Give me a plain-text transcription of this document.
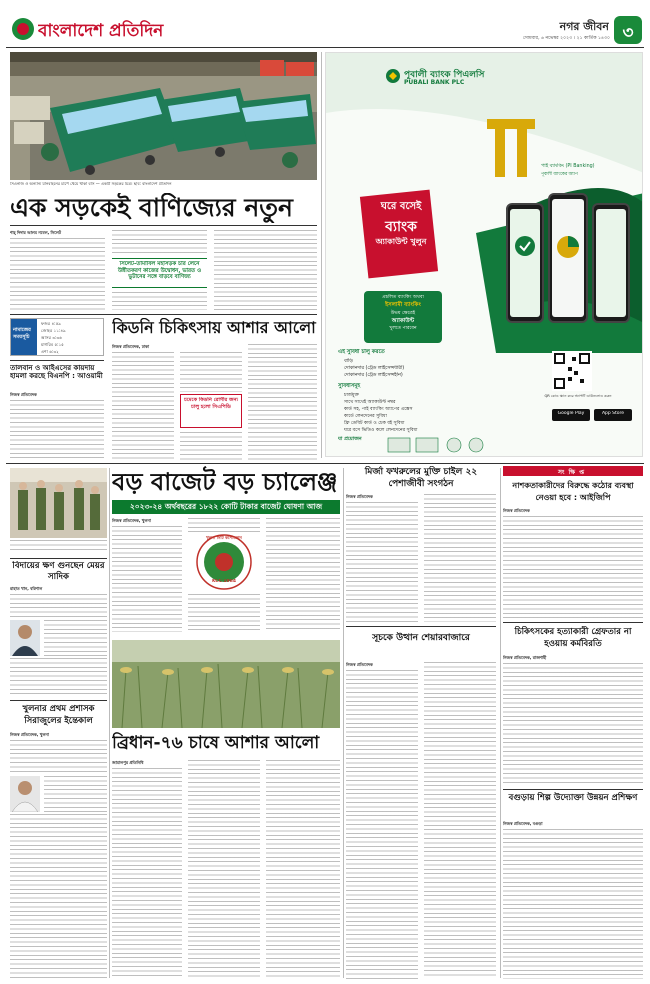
বাংলাদেশ প্রতিদিন	নগর জীবন
সোমবার, ৬ নভেম্বর ২০২৩ । ২১ কার্তিক ১৪৩০ ৩
সিএনজি ও অন্যান্য যানবাহনের চাপে থেমে থাকা বাস — একটি সড়কের চিত্র। ছবি: বাংলাদেশ প্রতিদিন
এক সড়কেই বাণিজ্যের নতুন
শাহ্ দিদার আলম নবেল, সিলেট
সিলেট-তামাবিল মহাসড়ক চার লেনে উন্নীতকরণ কাজের উদ্বোধন, ভারত ও ভুটানের সঙ্গে বাড়বে বাণিজ্য
নামাজের সময়সূচি
ফজর ৪:৫৯
জোহর ১১:৪৯
আসর ৩:৩৬
মাগরিব ৫:১৫
এশা ৬:৩২
তালবান ও আইএসের কায়দায় হামলা করছে বিএনপি : আওয়ামী
নিজস্ব প্রতিবেদক
কিডনি চিকিৎসায় আশার আলো
নিজস্ব প্রতিবেদক, ঢাকা
চমেকে কিডনি রোগীর জন্য চালু হলো সিএপিডি
পূবালী ব্যাংক পিএলসি
PUBALI BANK PLC
পাই ব্যাংকিং (PI Banking)
পূবালী ব্যাংকের অ্যাপ
ঘরে বসেই
ব্যাংক
অ্যাকাউন্ট খুলুন
প্রচলিত ব্যাংকিং অথবা
ইসলামী ব্যাংকিং
উভয় ক্ষেত্রেই
অ্যাকাউন্ট
খুলতে পারবেন
এই সুবিধা চালু করতে
বাড়ি
দোকানদার (ট্রেড লাইসেন্সধারী)
দোকানদার (ট্রেড লাইসেন্সহীন)
সুবিধাসমূহ
চার্জমুক্ত
সাথে সাথেই অ্যাকাউন্ট নম্বর
কার্ড সহ, পাই ব্যাংকিং অ্যাপের এক্সেস
কার্ডে লেনদেনের সুবিধা
ফ্রি ডেবিট কার্ড ও চেক বই সুবিধা
ঘরে বসে ভিডিও কলে লেনদেনের সুবিধা
যা প্রয়োজন
QR কোড স্ক্যান করে অ্যাপটি ডাউনলোড করুন
Google Play	App Store
বড় বাজেট বড় চ্যালেঞ্জ
২০২৩-২৪ অর্থবছরের ১৮২২ কোটি টাকার বাজেট ঘোষণা আজ
নিজস্ব প্রতিবেদক, খুলনা
খুলনা সিটি কর্পোরেশন
KCC 1984
মির্জা ফখরুলের মুক্তি চাইল ২২ পেশাজীবী সংগঠন
নিজস্ব প্রতিবেদক
সংক্ষিপ্ত
নাশকতাকারীদের বিরুদ্ধে কঠোর ব্যবস্থা নেওয়া হবে : আইজিপি
নিজস্ব প্রতিবেদক
চিকিৎসকের হত্যাকারী গ্রেফতার না হওয়ায় কর্মবিরতি
নিজস্ব প্রতিবেদক, রাজশাহী
বগুড়ায় শিল্প উদ্যোক্তা উন্নয়ন প্রশিক্ষণ
নিজস্ব প্রতিবেদক, বগুড়া
বিদায়ের ক্ষণ গুনছেন মেয়র সাদিক
রাহাত খান, বরিশাল
খুলনার প্রথম প্রশাসক সিরাজুলের ইন্তেকাল
নিজস্ব প্রতিবেদক, খুলনা	ব্রিধান-৭৬ চাষে আশার আলো
জামালপুর প্রতিনিধি
সূচকে উত্থান শেয়ারবাজারে
নিজস্ব প্রতিবেদক
